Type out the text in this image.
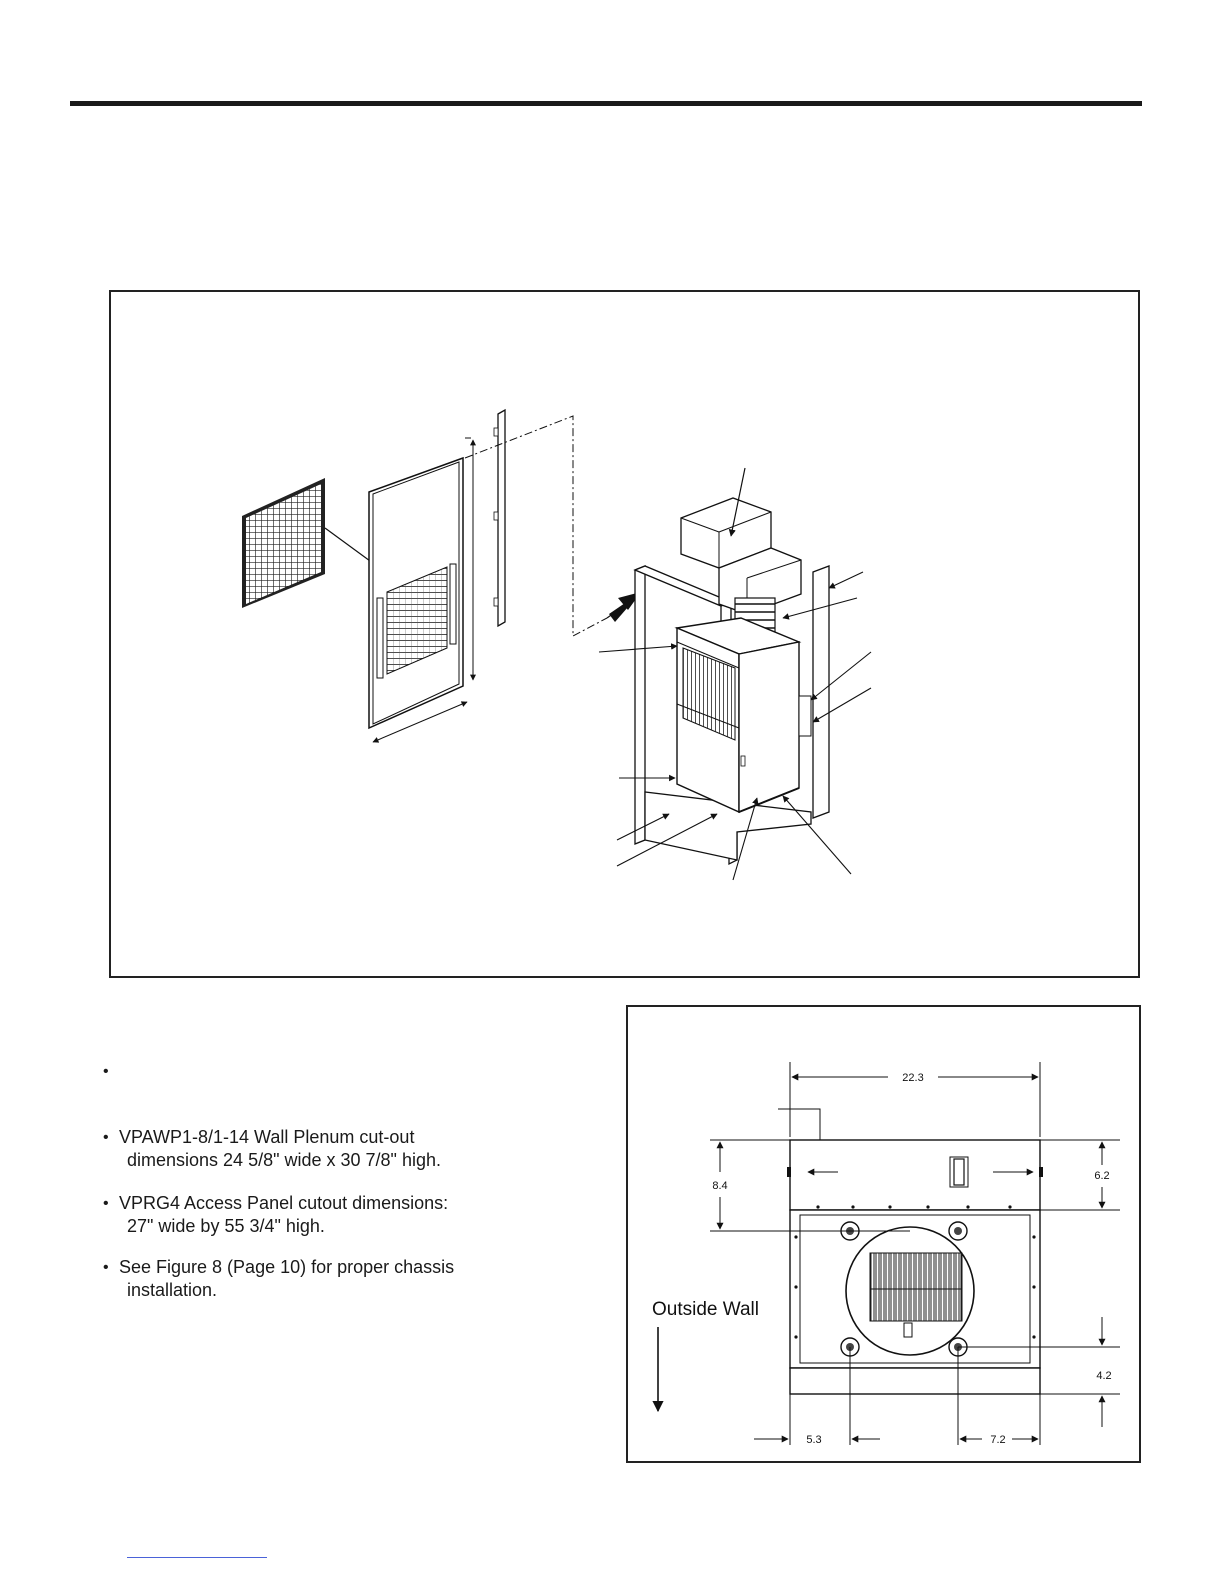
•
• VPAWP1-8/1-14 Wall Plenum cut-out
dimensions 24 5/8" wide x 30 7/8" high.
• VPRG4 Access Panel cutout dimensions:
27" wide by 55 3/4" high.
• See Figure 8 (Page 10) for proper chassis
installation.
22.3
8.4
6.2
4.2
5.3	7.2
Outside Wall
